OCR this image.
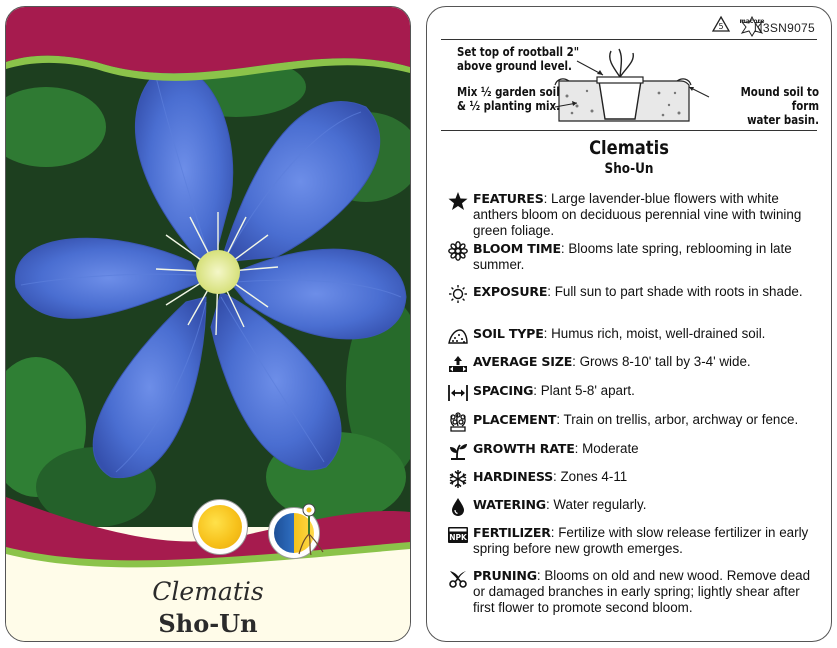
Clematis
Sho-Un
5
macore
N3SN9075
Set top of rootball 2"
above ground level.
Mix ½ garden soil
& ½ planting mix.
Mound soil to form
water basin.
Clematis
Sho-Un
FEATURES: Large lavender-blue flowers with white anthers bloom on deciduous perennial vine with twining green foliage.
BLOOM TIME: Blooms late spring, reblooming in late summer.
EXPOSURE: Full sun to part shade with roots in shade.
SOIL TYPE: Humus rich, moist, well-drained soil.
AVERAGE SIZE: Grows 8-10' tall by 3-4' wide.
SPACING: Plant 5-8' apart.
PLACEMENT: Train on trellis, arbor, archway or fence.
GROWTH RATE: Moderate
HARDINESS: Zones 4-11
WATERING: Water regularly.
NPK FERTILIZER: Fertilize with slow release fertilizer in early spring before new growth emerges.
PRUNING: Blooms on old and new wood. Remove dead or damaged branches in early spring; lightly shear after first flower to promote second bloom.
